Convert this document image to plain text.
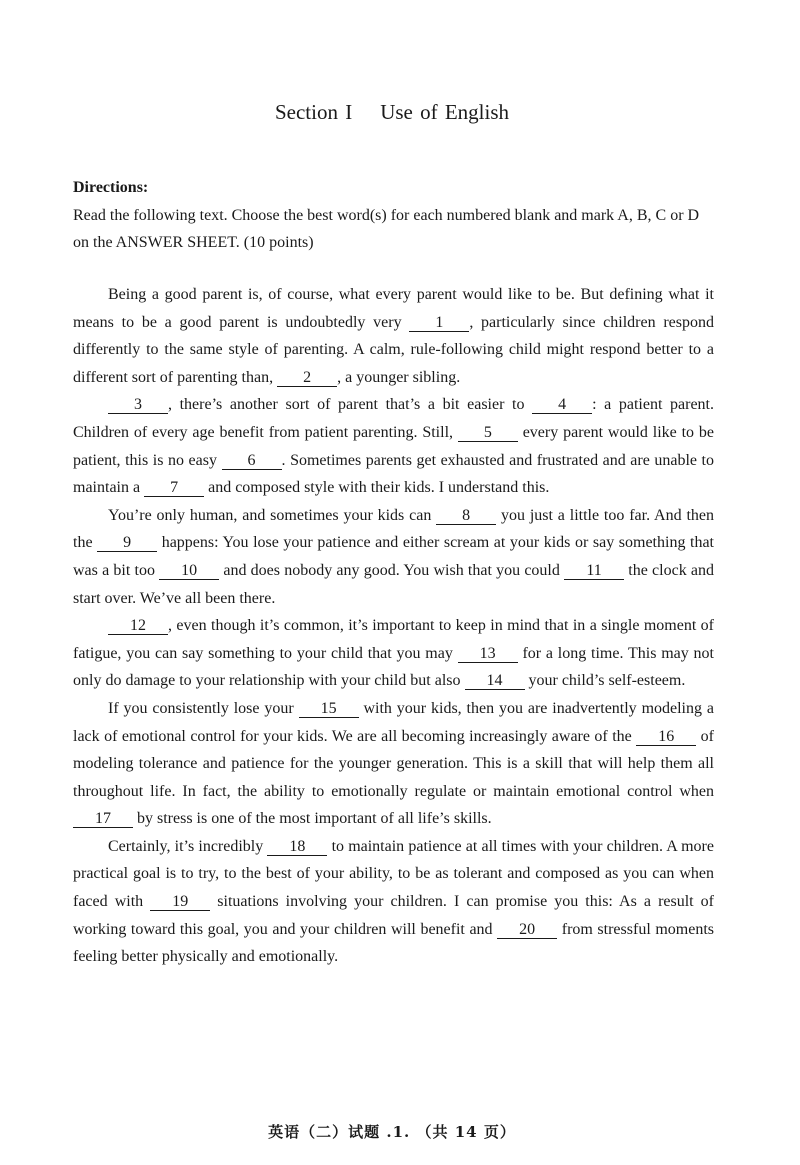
Section I Use of English
Directions:
Read the following text. Choose the best word(s) for each numbered blank and mark A, B, C or D on the ANSWER SHEET. (10 points)

Being a good parent is, of course, what every parent would like to be. But defining what it means to be a good parent is undoubtedly very 1 , particularly since children respond differently to the same style of parenting. A calm, rule-following child might respond better to a different sort of parenting than, 2 , a younger sibling.

3 , there’s another sort of parent that’s a bit easier to 4 : a patient parent. Children of every age benefit from patient parenting. Still, 5 every parent would like to be patient, this is no easy 6 . Sometimes parents get exhausted and frustrated and are unable to maintain a 7 and composed style with their kids. I understand this.

You’re only human, and sometimes your kids can 8 you just a little too far. And then the 9 happens: You lose your patience and either scream at your kids or say something that was a bit too 10 and does nobody any good. You wish that you could 11 the clock and start over. We’ve all been there.

12 , even though it’s common, it’s important to keep in mind that in a single moment of fatigue, you can say something to your child that you may 13 for a long time. This may not only do damage to your relationship with your child but also 14 your child’s self-esteem.

If you consistently lose your 15 with your kids, then you are inadvertently modeling a lack of emotional control for your kids. We are all becoming increasingly aware of the 16 of modeling tolerance and patience for the younger generation. This is a skill that will help them all throughout life. In fact, the ability to emotionally regulate or maintain emotional control when 17 by stress is one of the most important of all life’s skills.

Certainly, it’s incredibly 18 to maintain patience at all times with your children. A more practical goal is to try, to the best of your ability, to be as tolerant and composed as you can when faced with 19 situations involving your children. I can promise you this: As a result of working toward this goal, you and your children will benefit and 20 from stressful moments feeling better physically and emotionally.

英语（二）试题 .1. （共 14 页）
